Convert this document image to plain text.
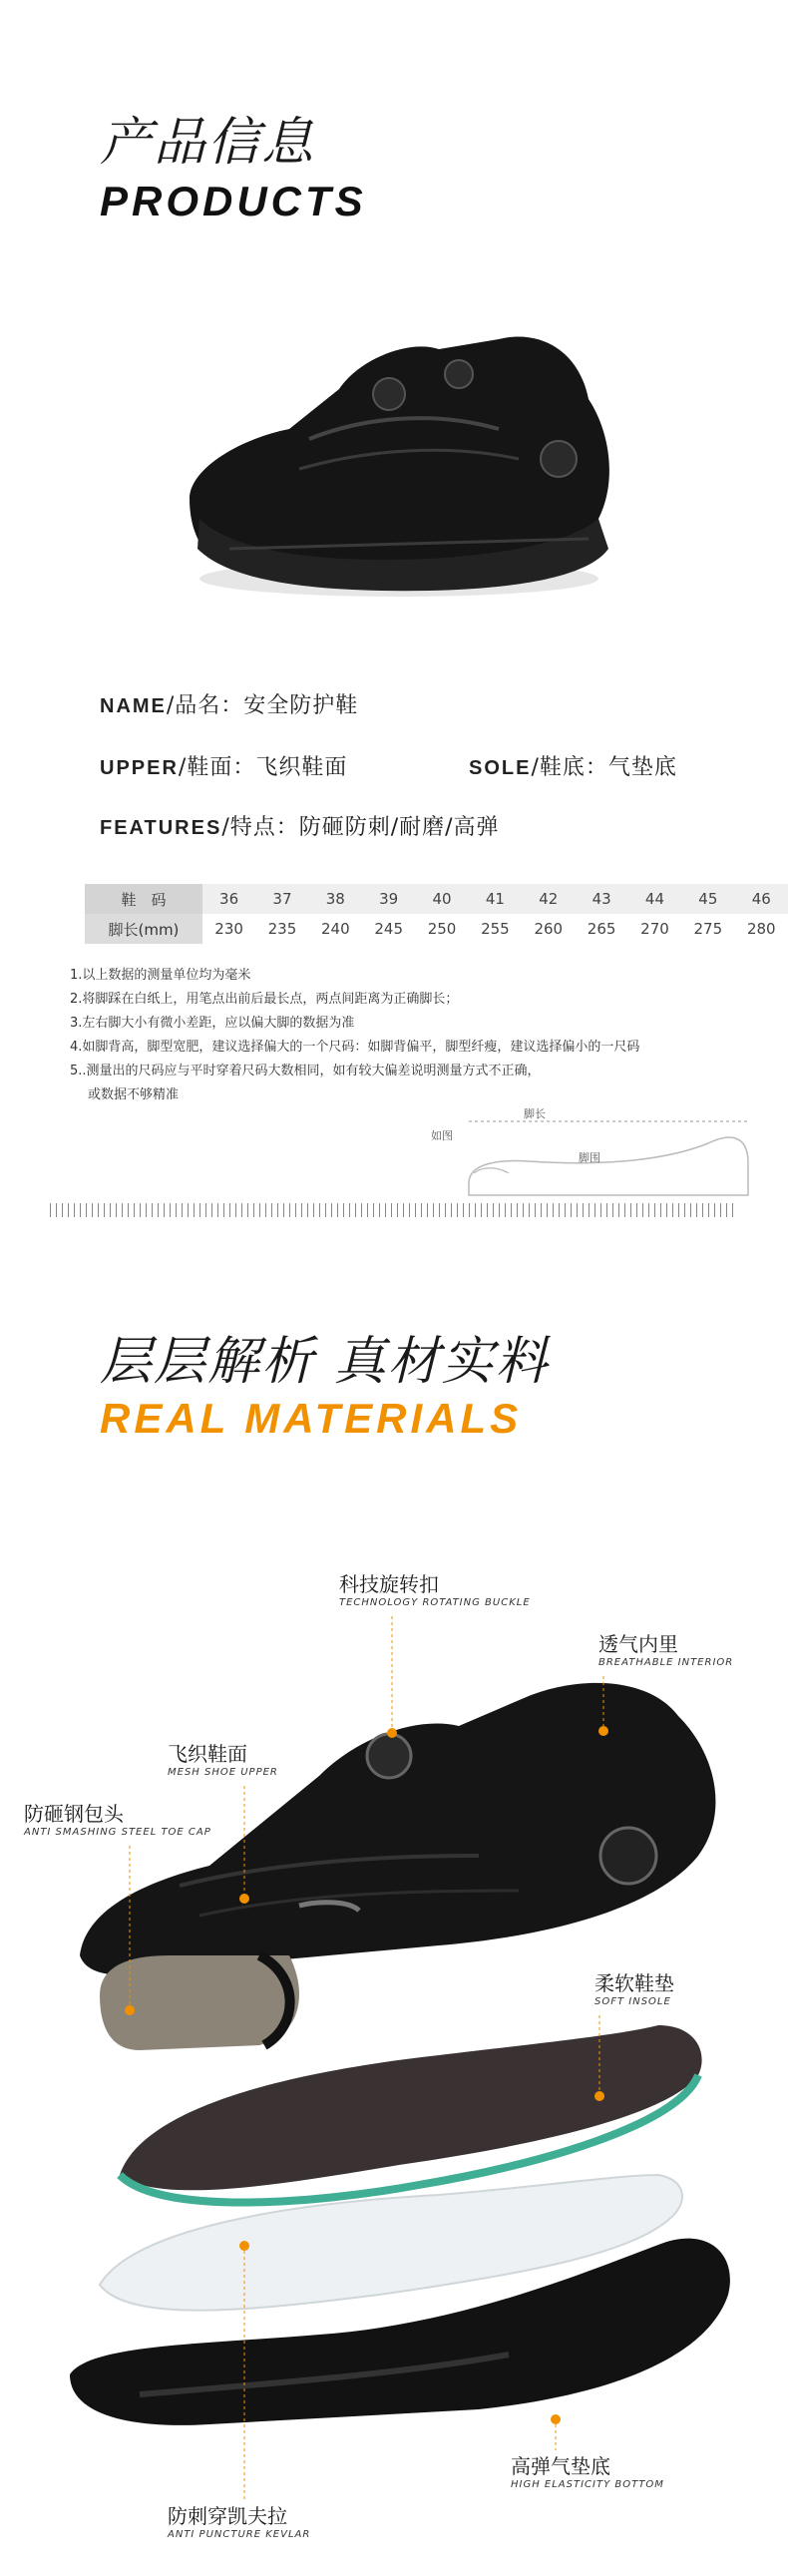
产品信息
PRODUCTS
NAME/品名：安全防护鞋
UPPER/鞋面：飞织鞋面	SOLE/鞋底：气垫底
FEATURES/特点：防砸防刺/耐磨/高弹
鞋　码	36	37	38	39	40	41	42	43	44	45	46
脚长(mm)	230	235	240	245	250	255	260	265	270	275	280
1.以上数据的测量单位均为毫米
2.将脚踩在白纸上，用笔点出前后最长点，两点间距离为正确脚长；
3.左右脚大小有微小差距，应以偏大脚的数据为准
4.如脚背高，脚型宽肥，建议选择偏大的一个尺码：如脚背偏平，脚型纤瘦，建议选择偏小的一尺码
5..测量出的尺码应与平时穿着尺码大数相同，如有较大偏差说明测量方式不正确，
或数据不够精准
脚长
如图
脚围
层层解析 真材实料
REAL MATERIALS
科技旋转扣
TECHNOLOGY ROTATING BUCKLE
透气内里
BREATHABLE INTERIOR
飞织鞋面
MESH SHOE UPPER
防砸钢包头
ANTI SMASHING STEEL TOE CAP
柔软鞋垫
SOFT INSOLE
高弹气垫底
HIGH ELASTICITY BOTTOM
防刺穿凯夫拉
ANTI PUNCTURE KEVLAR
